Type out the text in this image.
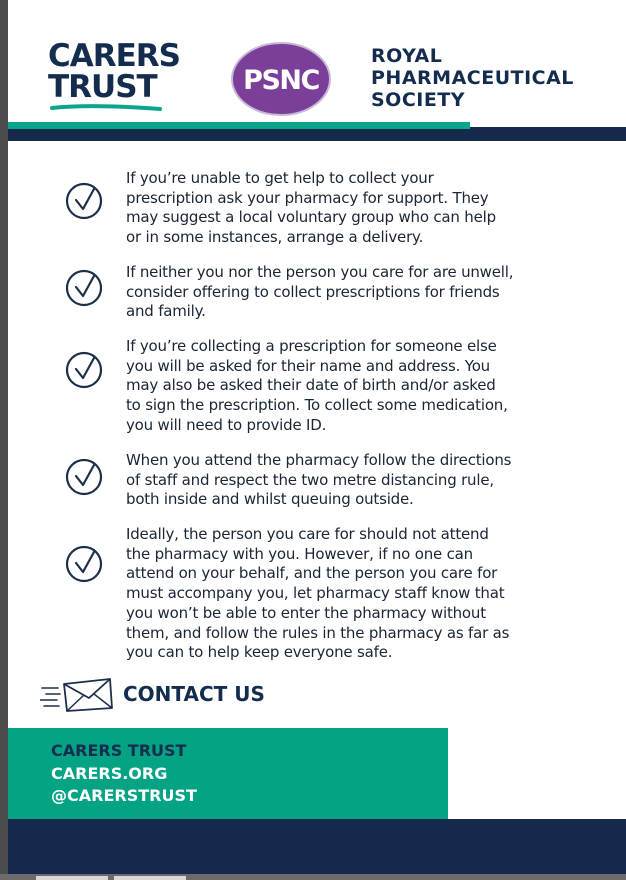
CARERS
TRUST	PSNC
ROYAL
PHARMACEUTICAL
SOCIETY
If you’re unable to get help to collect your
prescription ask your pharmacy for support. They
may suggest a local voluntary group who can help
or in some instances, arrange a delivery.
If neither you nor the person you care for are unwell,
consider offering to collect prescriptions for friends
and family.
If you’re collecting a prescription for someone else
you will be asked for their name and address. You
may also be asked their date of birth and/or asked
to sign the prescription. To collect some medication,
you will need to provide ID.
When you attend the pharmacy follow the directions
of staff and respect the two metre distancing rule,
both inside and whilst queuing outside.
Ideally, the person you care for should not attend
the pharmacy with you. However, if no one can
attend on your behalf, and the person you care for
must accompany you, let pharmacy staff know that
you won’t be able to enter the pharmacy without
them, and follow the rules in the pharmacy as far as
you can to help keep everyone safe.
CONTACT US
CARERS TRUST
CARERS.ORG
@CARERSTRUST
